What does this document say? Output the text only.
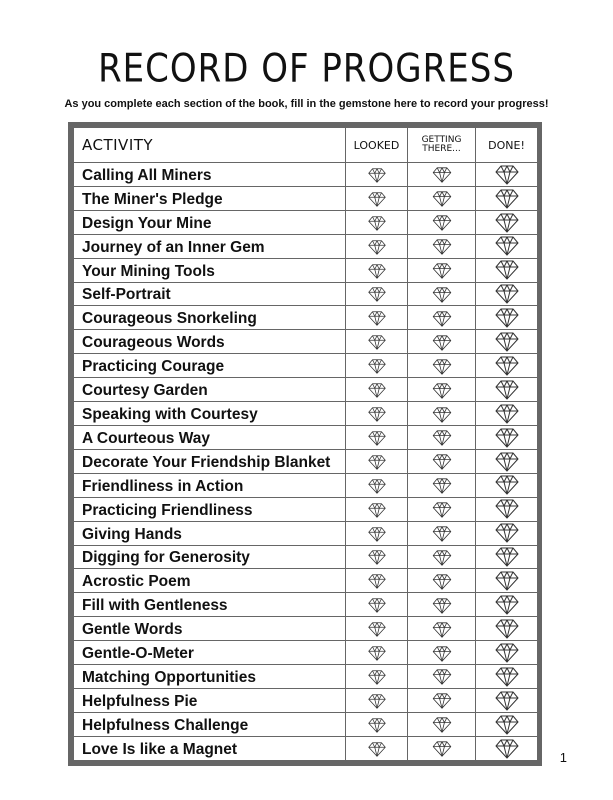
RECORD OF PROGRESS
As you complete each section of the book, fill in the gemstone here to record your progress!
ACTIVITY	LOOKED	GETTING THERE...	DONE!
Calling All Miners			
The Miner's Pledge			
Design Your Mine			
Journey of an Inner Gem			
Your Mining Tools			
Self-Portrait			
Courageous Snorkeling			
Courageous Words			
Practicing Courage			
Courtesy Garden			
Speaking with Courtesy			
A Courteous Way			
Decorate Your Friendship Blanket			
Friendliness in Action			
Practicing Friendliness			
Giving Hands			
Digging for Generosity			
Acrostic Poem			
Fill with Gentleness			
Gentle Words			
Gentle-O-Meter			
Matching Opportunities			
Helpfulness Pie			
Helpfulness Challenge			
Love Is like a Magnet				1
